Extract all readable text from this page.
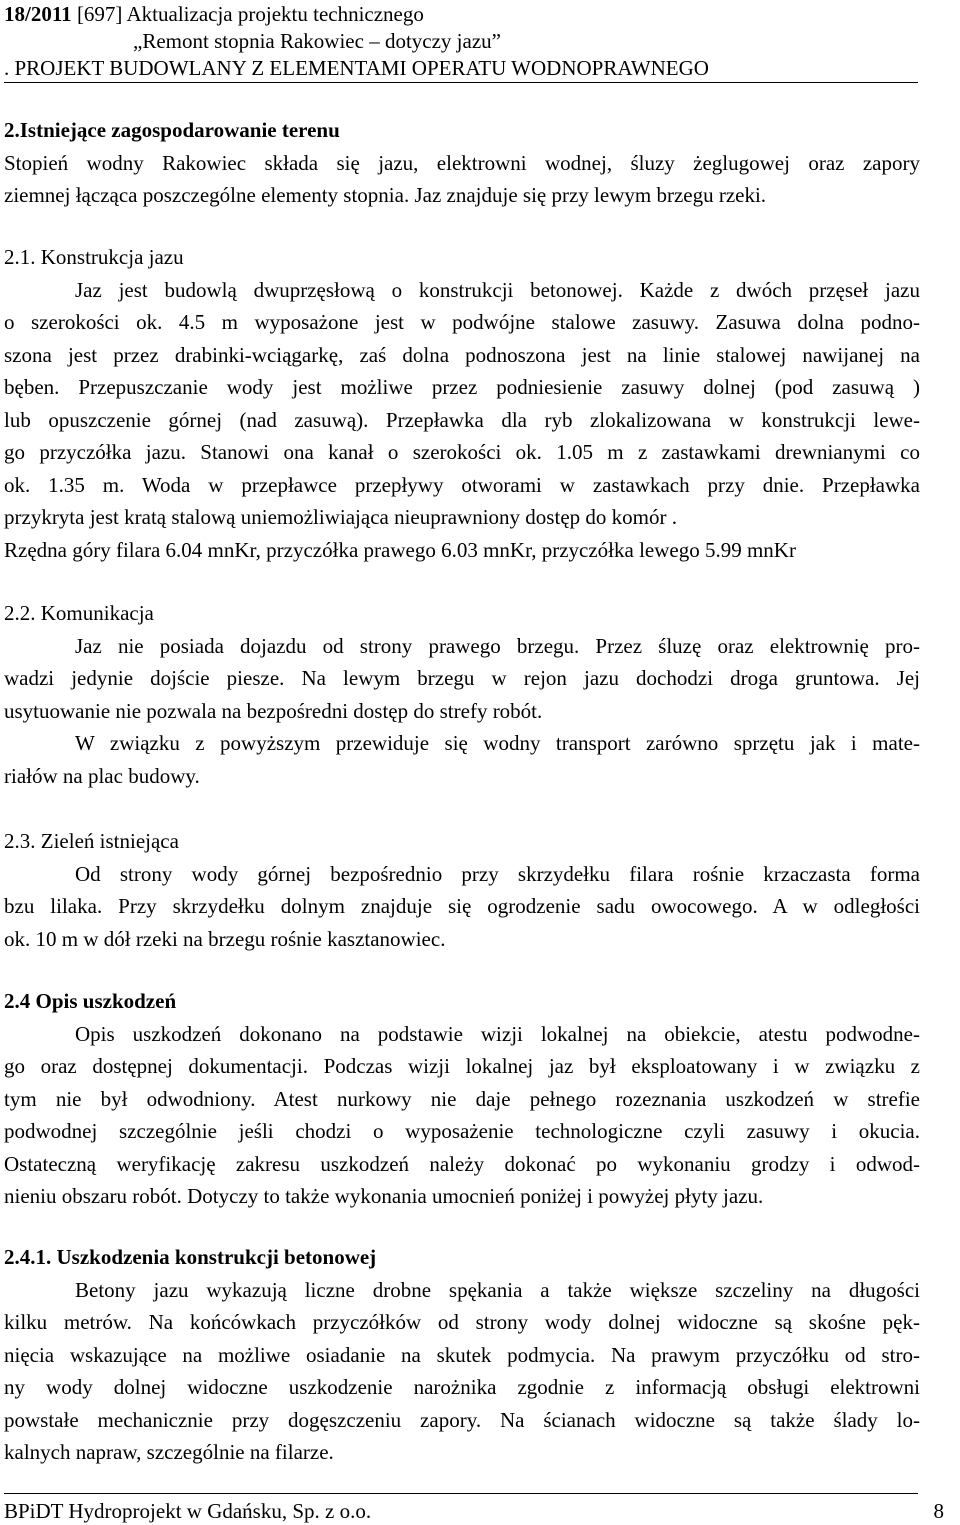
18/2011 [697] Aktualizacja projektu technicznego
„Remont stopnia Rakowiec – dotyczy jazu”
. PROJEKT BUDOWLANY Z ELEMENTAMI OPERATU WODNOPRAWNEGO
2.Istniejące zagospodarowanie terenu
Stopień wodny Rakowiec składa się jazu, elektrowni wodnej, śluzy żeglugowej oraz zapory
ziemnej łącząca poszczególne elementy stopnia. Jaz znajduje się przy lewym brzegu rzeki.
2.1. Konstrukcja jazu
Jaz jest budowlą dwuprzęsłową o konstrukcji betonowej. Każde z dwóch przęseł jazu
o szerokości ok. 4.5 m wyposażone jest w podwójne stalowe zasuwy. Zasuwa dolna podno-
szona jest przez drabinki-wciągarkę, zaś dolna podnoszona jest na linie stalowej nawijanej na
bęben. Przepuszczanie wody jest możliwe przez podniesienie zasuwy dolnej (pod zasuwą )
lub opuszczenie górnej (nad zasuwą). Przepławka dla ryb zlokalizowana w konstrukcji lewe-
go przyczółka jazu. Stanowi ona kanał o szerokości ok. 1.05 m z zastawkami drewnianymi co
ok. 1.35 m. Woda w przepławce przepływy otworami w zastawkach przy dnie. Przepławka
przykryta jest kratą stalową uniemożliwiająca nieuprawniony dostęp do komór .
Rzędna góry filara 6.04 mnKr, przyczółka prawego 6.03 mnKr, przyczółka lewego 5.99 mnKr
2.2. Komunikacja
Jaz nie posiada dojazdu od strony prawego brzegu. Przez śluzę oraz elektrownię pro-
wadzi jedynie dojście piesze. Na lewym brzegu w rejon jazu dochodzi droga gruntowa. Jej
usytuowanie nie pozwala na bezpośredni dostęp do strefy robót.
W związku z powyższym przewiduje się wodny transport zarówno sprzętu jak i mate-
riałów na plac budowy.
2.3. Zieleń istniejąca
Od strony wody górnej bezpośrednio przy skrzydełku filara rośnie krzaczasta forma
bzu lilaka. Przy skrzydełku dolnym znajduje się ogrodzenie sadu owocowego. A w odległości
ok. 10 m w dół rzeki na brzegu rośnie kasztanowiec.
2.4 Opis uszkodzeń
Opis uszkodzeń dokonano na podstawie wizji lokalnej na obiekcie, atestu podwodne-
go oraz dostępnej dokumentacji. Podczas wizji lokalnej jaz był eksploatowany i w związku z
tym nie był odwodniony. Atest nurkowy nie daje pełnego rozeznania uszkodzeń w strefie
podwodnej szczególnie jeśli chodzi o wyposażenie technologiczne czyli zasuwy i okucia.
Ostateczną weryfikację zakresu uszkodzeń należy dokonać po wykonaniu grodzy i odwod-
nieniu obszaru robót. Dotyczy to także wykonania umocnień poniżej i powyżej płyty jazu.
2.4.1. Uszkodzenia konstrukcji betonowej
Betony jazu wykazują liczne drobne spękania a także większe szczeliny na długości
kilku metrów. Na końcówkach przyczółków od strony wody dolnej widoczne są skośne pęk-
nięcia wskazujące na możliwe osiadanie na skutek podmycia. Na prawym przyczółku od stro-
ny wody dolnej widoczne uszkodzenie narożnika zgodnie z informacją obsługi elektrowni
powstałe mechanicznie przy dogęszczeniu zapory. Na ścianach widoczne są także ślady lo-
kalnych napraw, szczególnie na filarze.
BPiDT Hydroprojekt w Gdańsku, Sp. z o.o.	8
